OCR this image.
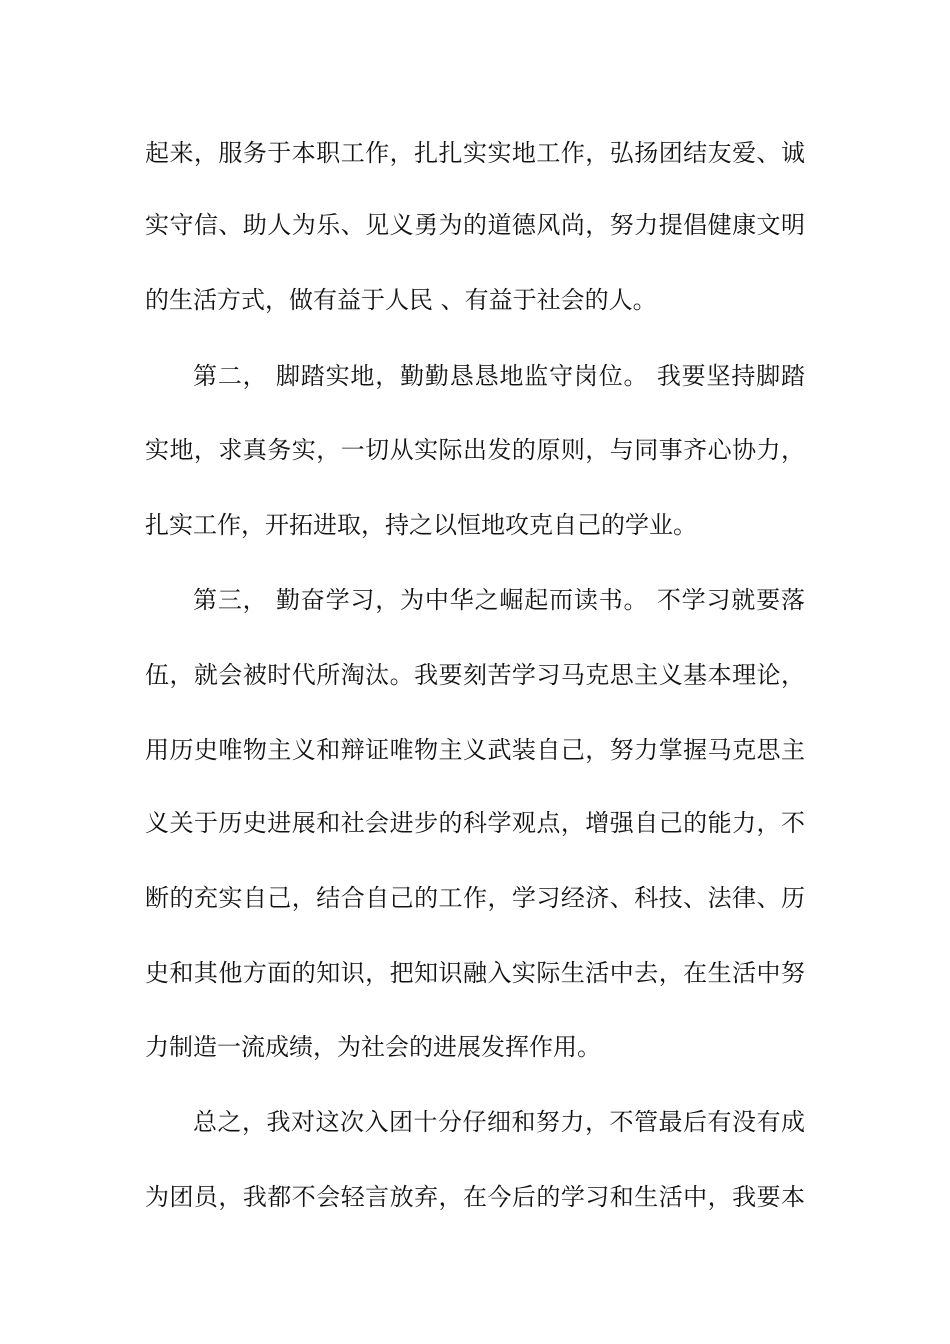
起来，服务于本职工作，扎扎实实地工作，弘扬团结友爱、诚
实守信、助人为乐、见义勇为的道德风尚，努力提倡健康文明
的生活方式，做有益于人民 、有益于社会的人。
第二， 脚踏实地，勤勤恳恳地监守岗位。 我要坚持脚踏
实地，求真务实，一切从实际出发的原则，与同事齐心协力，
扎实工作，开拓进取，持之以恒地攻克自己的学业。
第三， 勤奋学习，为中华之崛起而读书。 不学习就要落
伍，就会被时代所淘汰。我要刻苦学习马克思主义基本理论，
用历史唯物主义和辩证唯物主义武装自己，努力掌握马克思主
义关于历史进展和社会进步的科学观点，增强自己的能力，不
断的充实自己，结合自己的工作，学习经济、科技、法律、历
史和其他方面的知识，把知识融入实际生活中去，在生活中努
力制造一流成绩，为社会的进展发挥作用。
总之，我对这次入团十分仔细和努力，不管最后有没有成
为团员，我都不会轻言放弃，在今后的学习和生活中，我要本
